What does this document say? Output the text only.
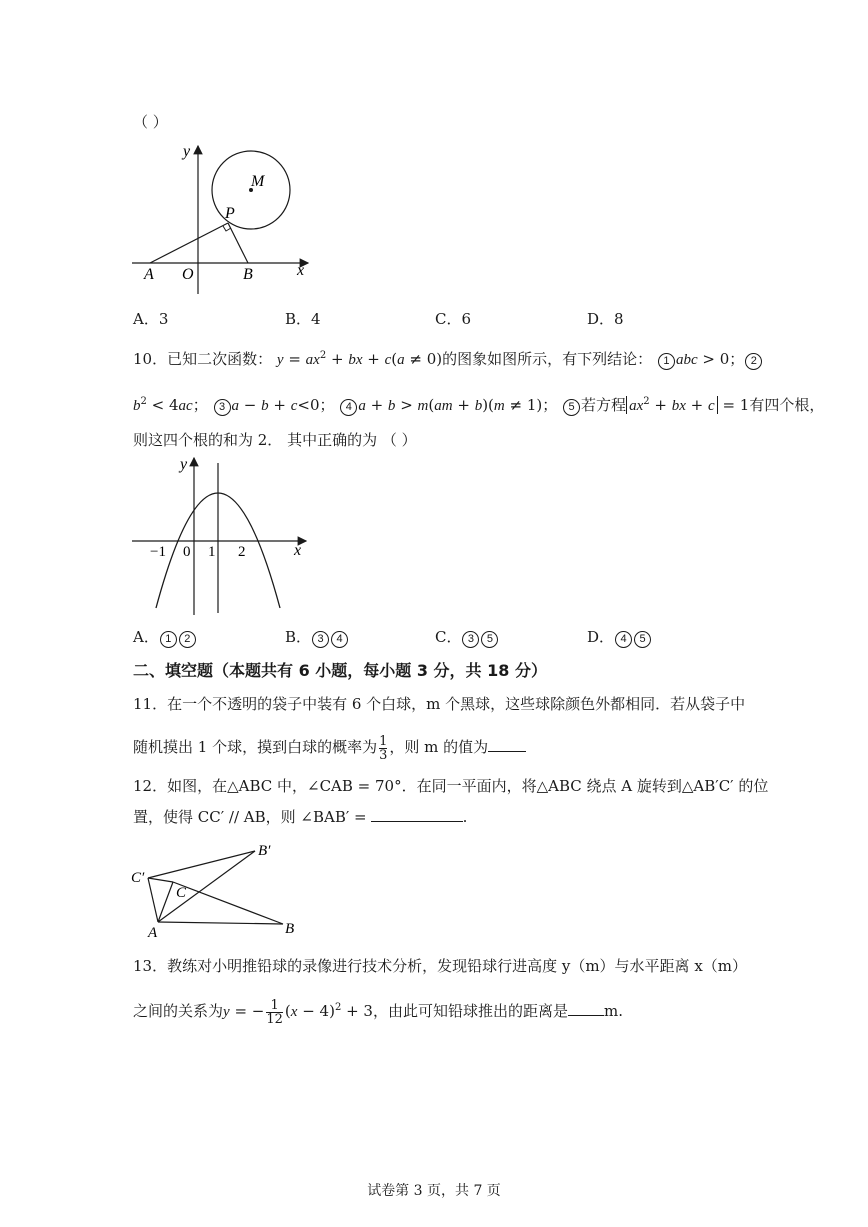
（ ）
y
x
M
P
A O	B
A．3	B．4	C．6	D．8
10．已知二次函数： $y = ax^2$ + bx + c(a ≠ 0)的图象如图所示，有下列结论： 1 abc > 0； 2
$b^2 < 4ac$； 3 a − b + c<0； 4 a + b > m(am + b)(m ≠ 1)； 5 若方程 $ax^2$ + bx + c = 1有四个根，
则这四个根的和为 2． 其中正确的为 （ ）
y
x
−1 0 1 2
A． 1 2	B． 3 4	C． 3 5	D． 4 5
二、填空题（本题共有 6 小题，每小题 3 分，共 18 分）
11．在一个不透明的袋子中装有 6 个白球，m 个黑球，这些球除颜色外都相同．若从袋子中
随机摸出 1 个球，摸到白球的概率为 $\frac{1}{3}$ ，则 m 的值为
12．如图，在△ABC 中，∠CAB = 70°．在同一平面内，将△ABC 绕点 A 旋转到△AB′C′ 的位
置，使得 CC′ // AB，则 ∠BAB′ =	.
B′
C′
C
A	B
13．教练对小明推铅球的录像进行技术分析，发现铅球行进高度 y（m）与水平距离 x（m）
之间的关系为y = − $\frac{1}{12} (x - 4)^2 + 3$，由此可知铅球推出的距离是 m.
试卷第 3 页，共 7 页
